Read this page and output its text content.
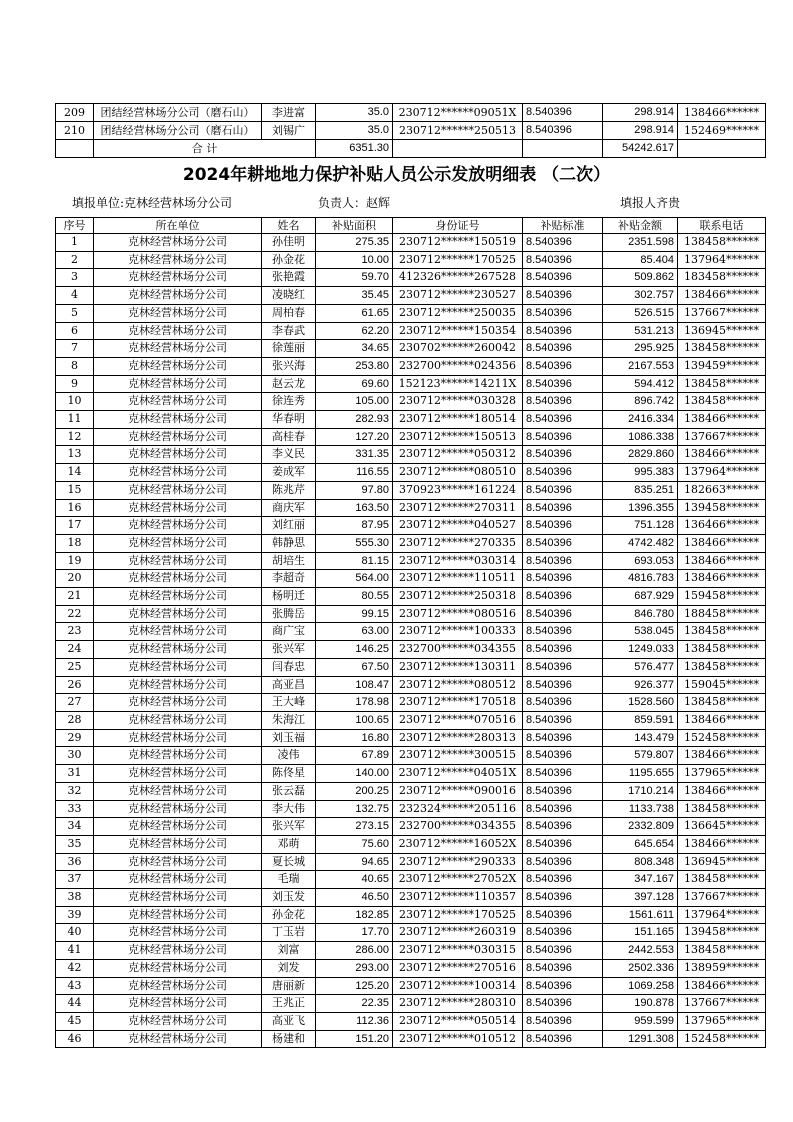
209	团结经营林场分公司（磨石山）	李进富	35.0	230712******09051X	8.540396	298.914	138466******
210	团结经营林场分公司（磨石山）	刘锡广	35.0	230712******250513	8.540396	298.914	152469******
	合 计		6351.30			54242.617	
2024年耕地地力保护补贴人员公示发放明细表 （二次）
填报单位:克林经营林场分公司	负责人：赵辉	填报人齐贵
序号	所在单位	姓名	补贴面积	身份证号	补贴标准	补贴金额	联系电话
1	克林经营林场分公司	孙佳明	275.35	230712******150519	8.540396	2351.598	138458******
2	克林经营林场分公司	孙金花	10.00	230712******170525	8.540396	85.404	137964******
3	克林经营林场分公司	张艳霞	59.70	412326******267528	8.540396	509.862	183458******
4	克林经营林场分公司	凌晓红	35.45	230712******230527	8.540396	302.757	138466******
5	克林经营林场分公司	周柏春	61.65	230712******250035	8.540396	526.515	137667******
6	克林经营林场分公司	李春武	62.20	230712******150354	8.540396	531.213	136945******
7	克林经营林场分公司	徐莲丽	34.65	230702******260042	8.540396	295.925	138458******
8	克林经营林场分公司	张兴海	253.80	232700******024356	8.540396	2167.553	139459******
9	克林经营林场分公司	赵云龙	69.60	152123******14211X	8.540396	594.412	138458******
10	克林经营林场分公司	徐连秀	105.00	230712******030328	8.540396	896.742	138458******
11	克林经营林场分公司	华春明	282.93	230712******180514	8.540396	2416.334	138466******
12	克林经营林场分公司	高桂春	127.20	230712******150513	8.540396	1086.338	137667******
13	克林经营林场分公司	李义民	331.35	230712******050312	8.540396	2829.860	138466******
14	克林经营林场分公司	姜成军	116.55	230712******080510	8.540396	995.383	137964******
15	克林经营林场分公司	陈兆芹	97.80	370923******161224	8.540396	835.251	182663******
16	克林经营林场分公司	商庆军	163.50	230712******270311	8.540396	1396.355	139458******
17	克林经营林场分公司	刘红丽	87.95	230712******040527	8.540396	751.128	136466******
18	克林经营林场分公司	韩静思	555.30	230712******270335	8.540396	4742.482	138466******
19	克林经营林场分公司	胡培生	81.15	230712******030314	8.540396	693.053	138466******
20	克林经营林场分公司	李超奇	564.00	230712******110511	8.540396	4816.783	138466******
21	克林经营林场分公司	杨明迁	80.55	230712******250318	8.540396	687.929	159458******
22	克林经营林场分公司	张腾岳	99.15	230712******080516	8.540396	846.780	188458******
23	克林经营林场分公司	商广宝	63.00	230712******100333	8.540396	538.045	138458******
24	克林经营林场分公司	张兴军	146.25	232700******034355	8.540396	1249.033	138458******
25	克林经营林场分公司	闫春忠	67.50	230712******130311	8.540396	576.477	138458******
26	克林经营林场分公司	高亚昌	108.47	230712******080512	8.540396	926.377	159045******
27	克林经营林场分公司	王大峰	178.98	230712******170518	8.540396	1528.560	138458******
28	克林经营林场分公司	朱海江	100.65	230712******070516	8.540396	859.591	138466******
29	克林经营林场分公司	刘玉福	16.80	230712******280313	8.540396	143.479	152458******
30	克林经营林场分公司	凌伟	67.89	230712******300515	8.540396	579.807	138466******
31	克林经营林场分公司	陈佟星	140.00	230712******04051X	8.540396	1195.655	137965******
32	克林经营林场分公司	张云磊	200.25	230712******090016	8.540396	1710.214	138466******
33	克林经营林场分公司	李大伟	132.75	232324******205116	8.540396	1133.738	138458******
34	克林经营林场分公司	张兴军	273.15	232700******034355	8.540396	2332.809	136645******
35	克林经营林场分公司	邓萌	75.60	230712******16052X	8.540396	645.654	138466******
36	克林经营林场分公司	夏长城	94.65	230712******290333	8.540396	808.348	136945******
37	克林经营林场分公司	毛瑞	40.65	230712******27052X	8.540396	347.167	138458******
38	克林经营林场分公司	刘玉发	46.50	230712******110357	8.540396	397.128	137667******
39	克林经营林场分公司	孙金花	182.85	230712******170525	8.540396	1561.611	137964******
40	克林经营林场分公司	丁玉岩	17.70	230712******260319	8.540396	151.165	139458******
41	克林经营林场分公司	刘富	286.00	230712******030315	8.540396	2442.553	138458******
42	克林经营林场分公司	刘发	293.00	230712******270516	8.540396	2502.336	138959******
43	克林经营林场分公司	唐丽新	125.20	230712******100314	8.540396	1069.258	138466******
44	克林经营林场分公司	王兆正	22.35	230712******280310	8.540396	190.878	137667******
45	克林经营林场分公司	高亚飞	112.36	230712******050514	8.540396	959.599	137965******
46	克林经营林场分公司	杨建和	151.20	230712******010512	8.540396	1291.308	152458******
